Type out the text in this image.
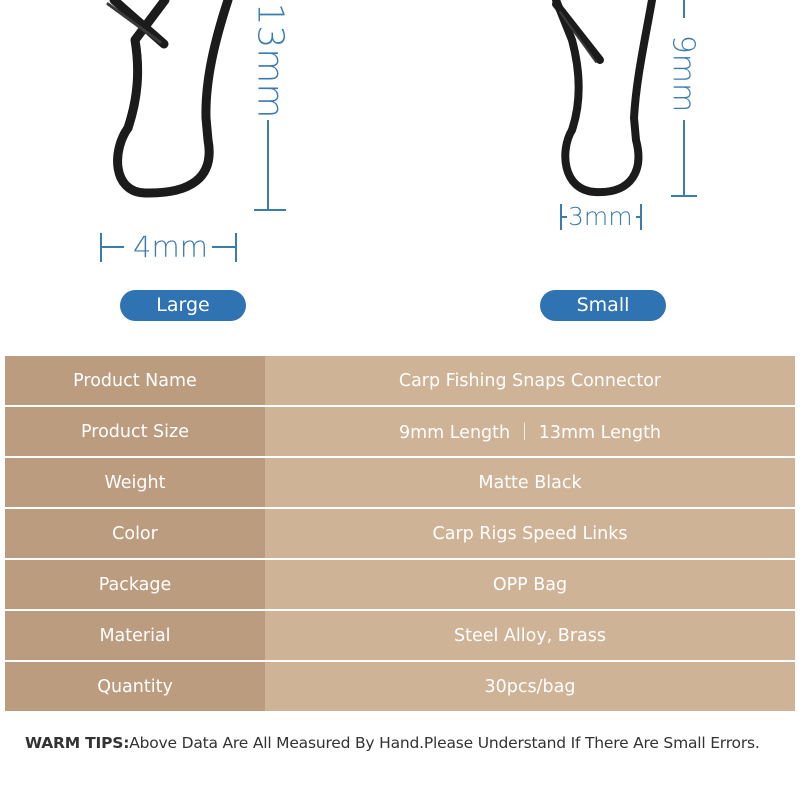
13mm
4mm
Large
9mm
3mm
Small
Product Name	Carp Fishing Snaps Connector
Product Size	9mm Length ｜ 13mm Length
Weight	Matte Black
Color	Carp Rigs Speed Links
Package	OPP Bag
Material	Steel Alloy, Brass
Quantity	30pcs/bag
WARM TIPS:Above Data Are All Measured By Hand.Please Understand If There Are Small Errors.
